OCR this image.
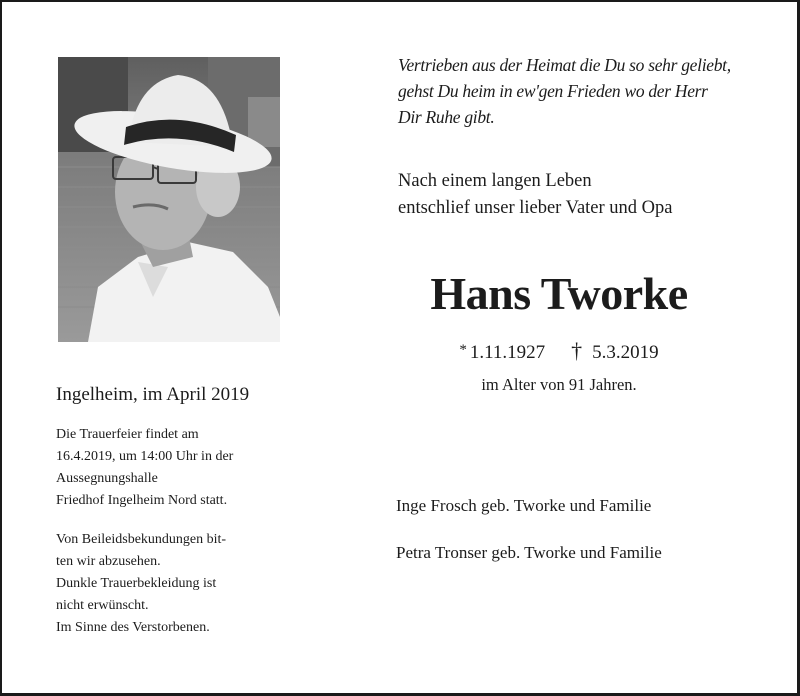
Vertrieben aus der Heimat die Du so sehr geliebt,
gehst Du heim in ew'gen Frieden wo der Herr
Dir Ruhe gibt.
Nach einem langen Leben
entschlief unser lieber Vater und Opa
Hans Tworke
* 1.11.1927 † 5.3.2019
im Alter von 91 Jahren.
Ingelheim, im April 2019
Die Trauerfeier findet am
16.4.2019, um 14:00 Uhr in der
Aussegnungshalle
Friedhof Ingelheim Nord statt.
Von Beileidsbekundungen bit-
ten wir abzusehen.
Dunkle Trauerbekleidung ist
nicht erwünscht.
Im Sinne des Verstorbenen.
Inge Frosch geb. Tworke und Familie
Petra Tronser geb. Tworke und Familie
